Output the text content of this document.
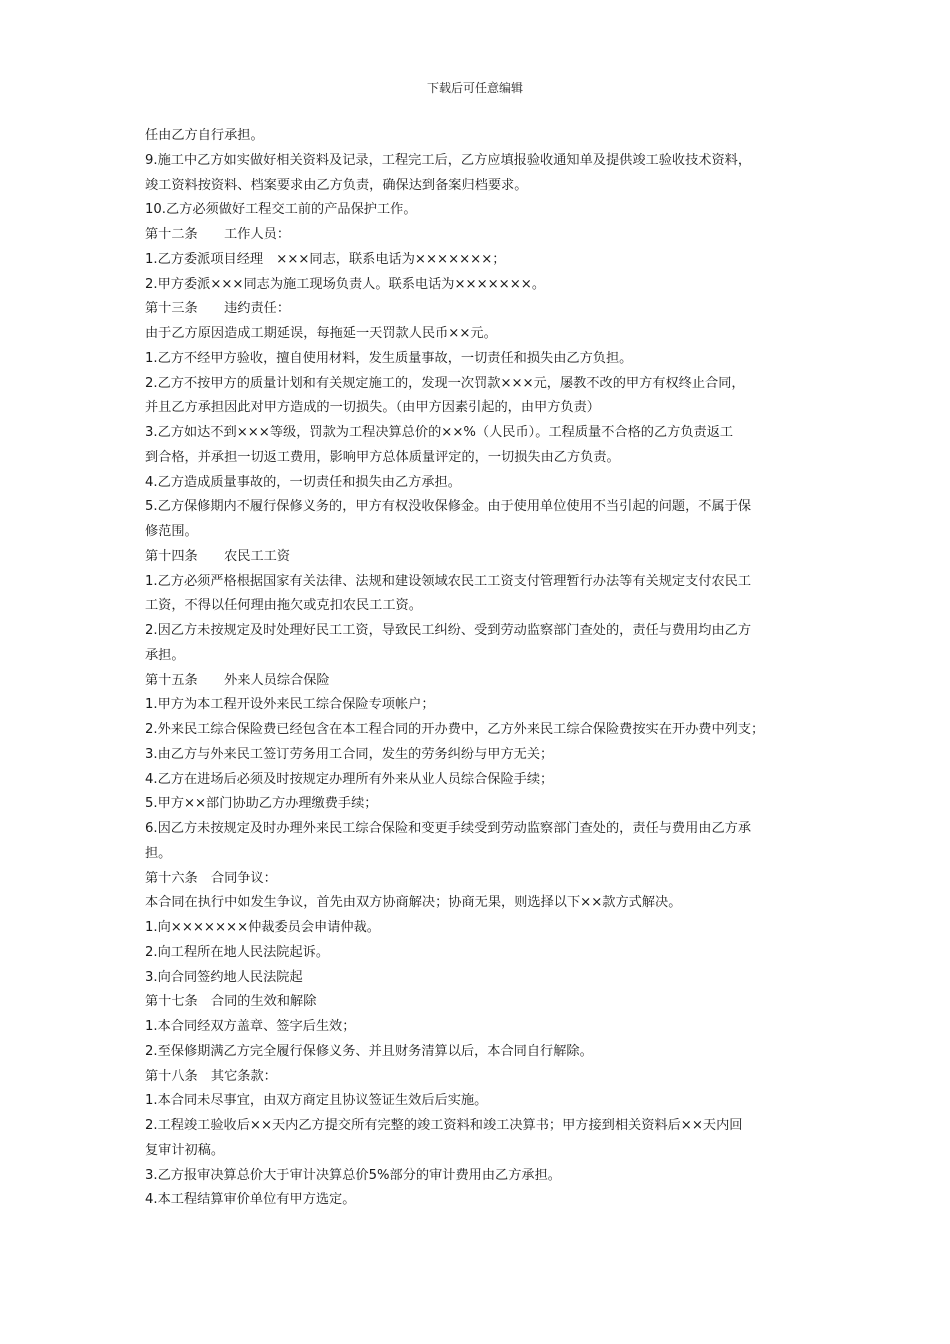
下载后可任意编辑
任由乙方自行承担。
9.施工中乙方如实做好相关资料及记录，工程完工后，乙方应填报验收通知单及提供竣工验收技术资料，
竣工资料按资料、档案要求由乙方负责，确保达到备案归档要求。
10.乙方必须做好工程交工前的产品保护工作。
第十二条　　工作人员：
1.乙方委派项目经理　×××同志，联系电话为×××××××；
2.甲方委派×××同志为施工现场负责人。联系电话为×××××××。
第十三条　　违约责任：
由于乙方原因造成工期延误，每拖延一天罚款人民币××元。
1.乙方不经甲方验收，擅自使用材料，发生质量事故，一切责任和损失由乙方负担。
2.乙方不按甲方的质量计划和有关规定施工的，发现一次罚款×××元，屡教不改的甲方有权终止合同，
并且乙方承担因此对甲方造成的一切损失。（由甲方因素引起的，由甲方负责）
3.乙方如达不到×××等级，罚款为工程决算总价的××%（人民币）。工程质量不合格的乙方负责返工
到合格，并承担一切返工费用，影响甲方总体质量评定的，一切损失由乙方负责。
4.乙方造成质量事故的，一切责任和损失由乙方承担。
5.乙方保修期内不履行保修义务的，甲方有权没收保修金。由于使用单位使用不当引起的问题，不属于保
修范围。
第十四条　　农民工工资
1.乙方必须严格根据国家有关法律、法规和建设领域农民工工资支付管理暂行办法等有关规定支付农民工
工资，不得以任何理由拖欠或克扣农民工工资。
2.因乙方未按规定及时处理好民工工资，导致民工纠纷、受到劳动监察部门查处的，责任与费用均由乙方
承担。
第十五条　　外来人员综合保险
1.甲方为本工程开设外来民工综合保险专项帐户；
2.外来民工综合保险费已经包含在本工程合同的开办费中，乙方外来民工综合保险费按实在开办费中列支；
3.由乙方与外来民工签订劳务用工合同，发生的劳务纠纷与甲方无关；
4.乙方在进场后必须及时按规定办理所有外来从业人员综合保险手续；
5.甲方××部门协助乙方办理缴费手续；
6.因乙方未按规定及时办理外来民工综合保险和变更手续受到劳动监察部门查处的，责任与费用由乙方承
担。
第十六条　合同争议：
本合同在执行中如发生争议，首先由双方协商解决；协商无果，则选择以下××款方式解决。
1.向×××××××仲裁委员会申请仲裁。
2.向工程所在地人民法院起诉。
3.向合同签约地人民法院起
第十七条　合同的生效和解除
1.本合同经双方盖章、签字后生效；
2.至保修期满乙方完全履行保修义务、并且财务清算以后，本合同自行解除。
第十八条　其它条款：
1.本合同未尽事宜，由双方商定且协议签证生效后后实施。
2.工程竣工验收后××天内乙方提交所有完整的竣工资料和竣工决算书；甲方接到相关资料后××天内回
复审计初稿。
3.乙方报审决算总价大于审计决算总价5%部分的审计费用由乙方承担。
4.本工程结算审价单位有甲方选定。
